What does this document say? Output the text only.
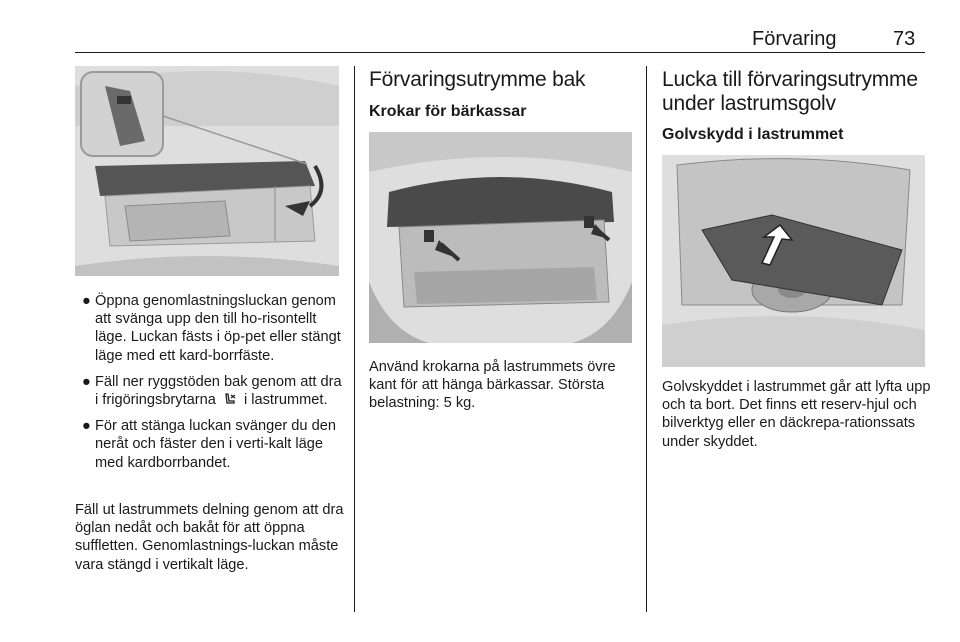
Förvaring	73
● Öppna genomlastningsluckan genom att svänga upp den till ho-risontellt läge. Luckan fästs i öp-pet eller stängt läge med ett kard-borrfäste.
● Fäll ner ryggstöden bak genom att dra i frigöringsbrytarna i lastrummet.
● För att stänga luckan svänger du den neråt och fäster den i verti-kalt läge med kardborrbandet.

Fäll ut lastrummets delning genom att dra öglan nedåt och bakåt för att öppna suffletten. Genomlastnings-luckan måste vara stängd i vertikalt läge.

Förvaringsutrymme bak
Krokar för bärkassar

Använd krokarna på lastrummets övre kant för att hänga bärkassar. Största belastning: 5 kg.

Lucka till förvaringsutrymme
under lastrumsgolv
Golvskydd i lastrummet

Golvskyddet i lastrummet går att lyfta upp och ta bort. Det finns ett reserv-hjul och bilverktyg eller en däckrepa-rationssats under skyddet.
